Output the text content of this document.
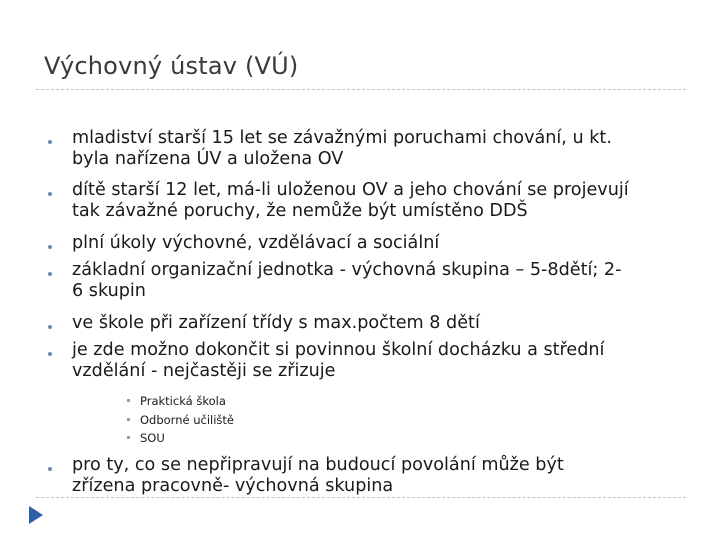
Výchovný ústav (VÚ)
mladiství starší 15 let se závažnými poruchami chování, u kt.
byla nařízena ÚV a uložena OV
dítě starší 12 let, má-li uloženou OV a jeho chování se projevují
tak závažné poruchy, že nemůže být umístěno DDŠ
plní úkoly výchovné, vzdělávací a sociální
základní organizační jednotka - výchovná skupina – 5-8dětí; 2-
6 skupin
ve škole při zařízení třídy s max.počtem 8 dětí
je zde možno dokončit si povinnou školní docházku a střední
vzdělání - nejčastěji se zřizuje
Praktická škola
Odborné učiliště
SOU
pro ty, co se nepřipravují na budoucí povolání může být
zřízena pracovně- výchovná skupina
